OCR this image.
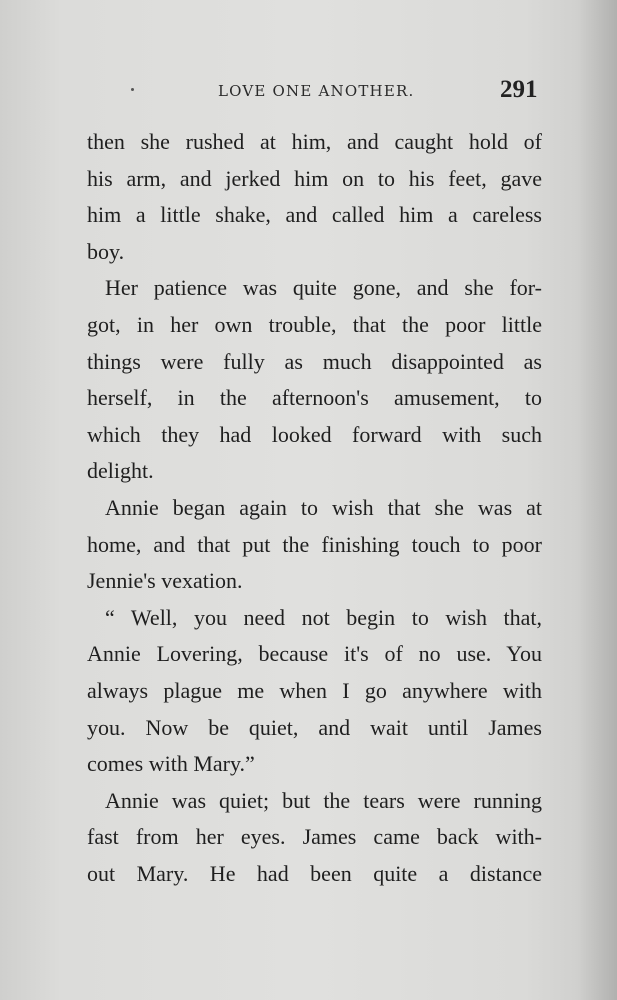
LOVE ONE ANOTHER.	291
then she rushed at him, and caught hold of
his arm, and jerked him on to his feet, gave
him a little shake, and called him a careless
boy.
Her patience was quite gone, and she for-
got, in her own trouble, that the poor little
things were fully as much disappointed as
herself, in the afternoon's amusement, to
which they had looked forward with such
delight.
Annie began again to wish that she was at
home, and that put the finishing touch to poor
Jennie's vexation.
“ Well, you need not begin to wish that,
Annie Lovering, because it's of no use. You
always plague me when I go anywhere with
you. Now be quiet, and wait until James
comes with Mary.”
Annie was quiet; but the tears were running
fast from her eyes. James came back with-
out Mary. He had been quite a distance
